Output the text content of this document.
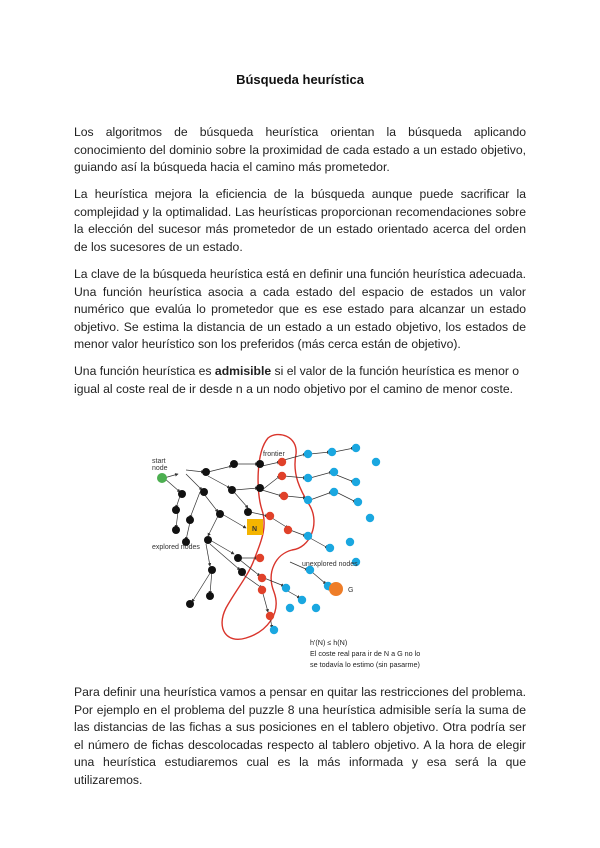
Búsqueda heurística

Los algoritmos de búsqueda heurística orientan la búsqueda aplicando conocimiento del dominio sobre la proximidad de cada estado a un estado objetivo, guiando así la búsqueda hacia el camino más prometedor.

La heurística mejora la eficiencia de la búsqueda aunque puede sacrificar la complejidad y la optimalidad. Las heurísticas proporcionan recomendaciones sobre la elección del sucesor más prometedor de un estado orientado acerca del orden de los sucesores de un estado.

La clave de la búsqueda heurística está en definir una función heurística adecuada. Una función heurística asocia a cada estado del espacio de estados un valor numérico que evalúa lo prometedor que es ese estado para alcanzar un estado objetivo. Se estima la distancia de un estado a un estado objetivo, los estados de menor valor heurístico son los preferidos (más cerca están de objetivo).

Una función heurística es admisible si el valor de la función heurística es menor o igual al coste real de ir desde n a un nodo objetivo por el camino de menor coste.

start
node
frontier
explored nodes
unexplored nodes
N
G
h'(N) ≤ h(N)
El coste real para ir de N a G no lo
se todavía lo estimo (sin pasarme)

Para definir una heurística vamos a pensar en quitar las restricciones del problema. Por ejemplo en el problema del puzzle 8 una heurística admisible sería la suma de las distancias de las fichas a sus posiciones en el tablero objetivo. Otra podría ser el número de fichas descolocadas respecto al tablero objetivo. A la hora de elegir una heurística estudiaremos cual es la más informada y esa será la que utilizaremos.
